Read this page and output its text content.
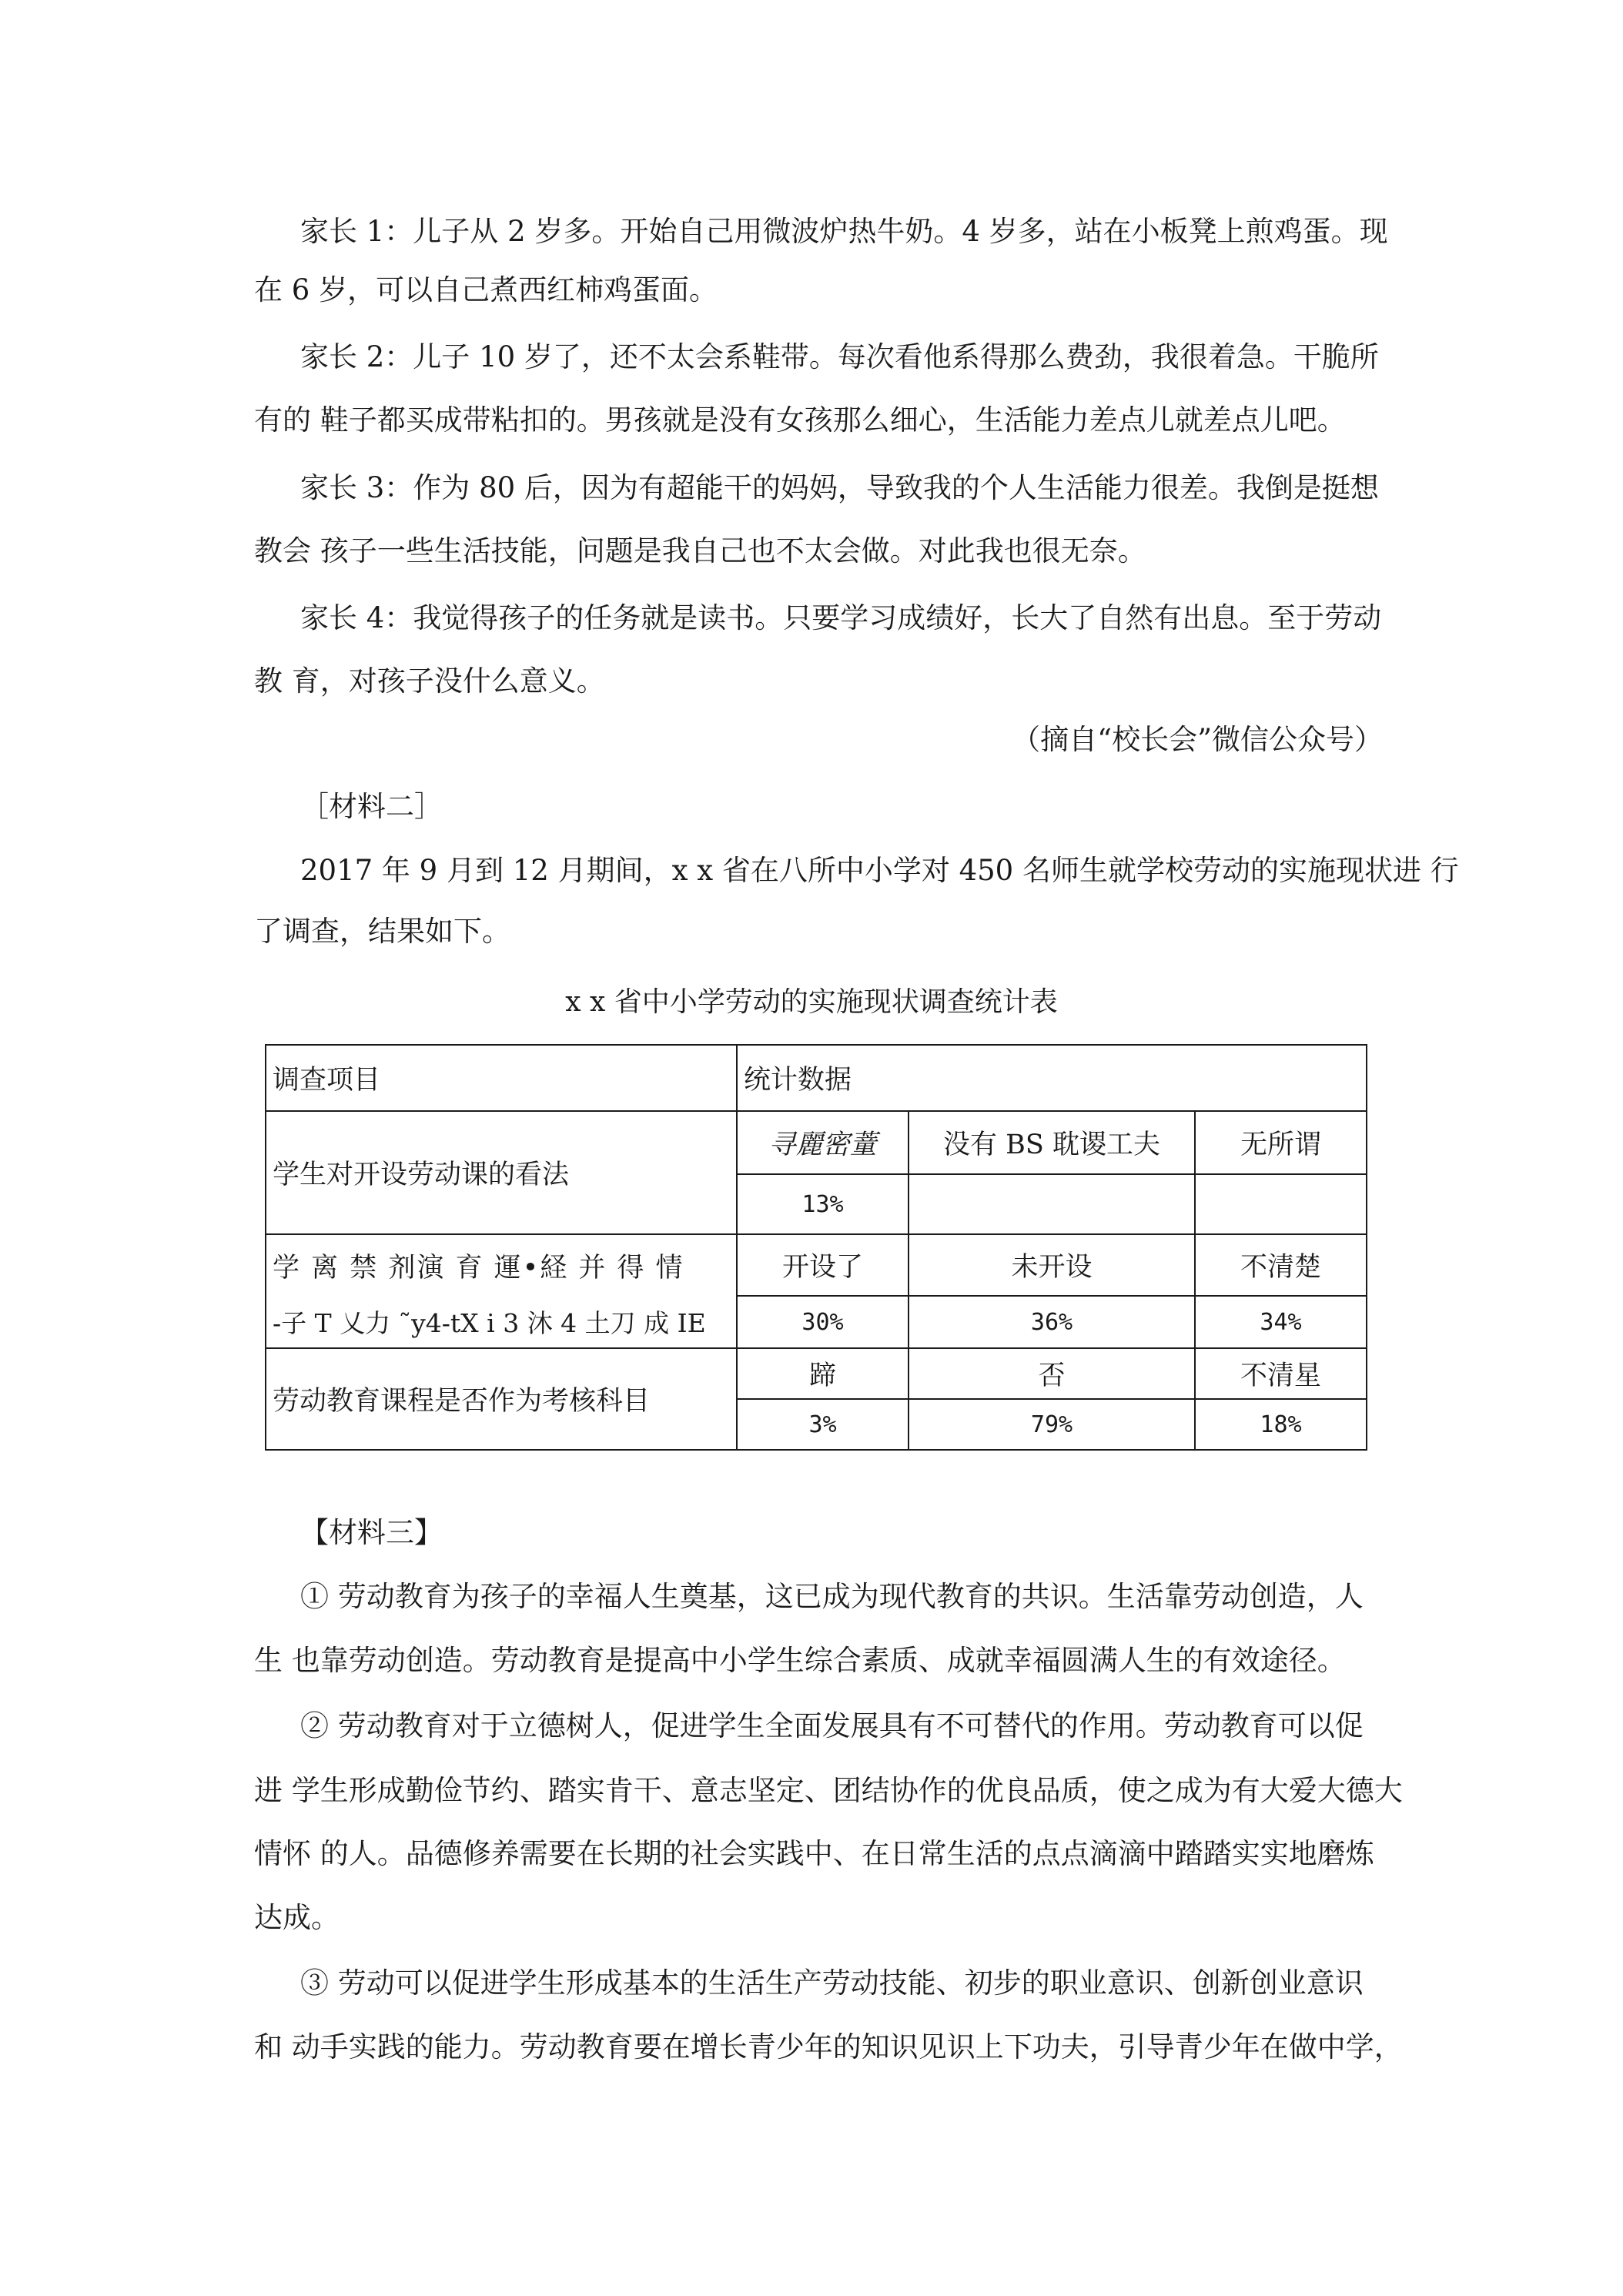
家长 1：儿子从 2 岁多。开始自己用微波炉热牛奶。4 岁多，站在小板凳上煎鸡蛋。现
在 6 岁，可以自己煮西红柿鸡蛋面。
家长 2：儿子 10 岁了，还不太会系鞋带。每次看他系得那么费劲，我很着急。干脆所
有的 鞋子都买成带粘扣的。男孩就是没有女孩那么细心，生活能力差点儿就差点儿吧。
家长 3：作为 80 后，因为有超能干的妈妈，导致我的个人生活能力很差。我倒是挺想
教会 孩子一些生活技能，问题是我自己也不太会做。对此我也很无奈。
家长 4：我觉得孩子的任务就是读书。只要学习成绩好，长大了自然有出息。至于劳动
教 育，对孩子没什么意义。
（摘自“校长会”微信公众号）
［材料二］
2017 年 9 月到 12 月期间，x x 省在八所中小学对 450 名师生就学校劳动的实施现状进 行
了调查，结果如下。
x x 省中小学劳动的实施现状调查统计表
调查项目	统计数据		
学生对开设劳动课的看法	寻麗密蕫	没有 BS 耽谡工夫	无所谓
	13%		
学 离 禁 剂演 育 運•経 并 得 情	开设了	未开设	不清楚
-子 T 乂力 ˜y4-tX i 3 沐 4 土刀 成 IE	30%	36%	34%
劳动教育课程是否作为考核科目	蹄	否	不清星
	3%	79%	18%
【材料三】
① 劳动教育为孩子的幸福人生奠基，这已成为现代教育的共识。生活靠劳动创造，人
生 也靠劳动创造。劳动教育是提高中小学生综合素质、成就幸福圆满人生的有效途径。
② 劳动教育对于立德树人，促进学生全面发展具有不可替代的作用。劳动教育可以促
进 学生形成勤俭节约、踏实肯干、意志坚定、团结协作的优良品质，使之成为有大爱大德大
情怀 的人。品德修养需要在长期的社会实践中、在日常生活的点点滴滴中踏踏实实地磨炼
达成。
③ 劳动可以促进学生形成基本的生活生产劳动技能、初步的职业意识、创新创业意识
和 动手实践的能力。劳动教育要在增长青少年的知识见识上下功夫，引导青少年在做中学，
